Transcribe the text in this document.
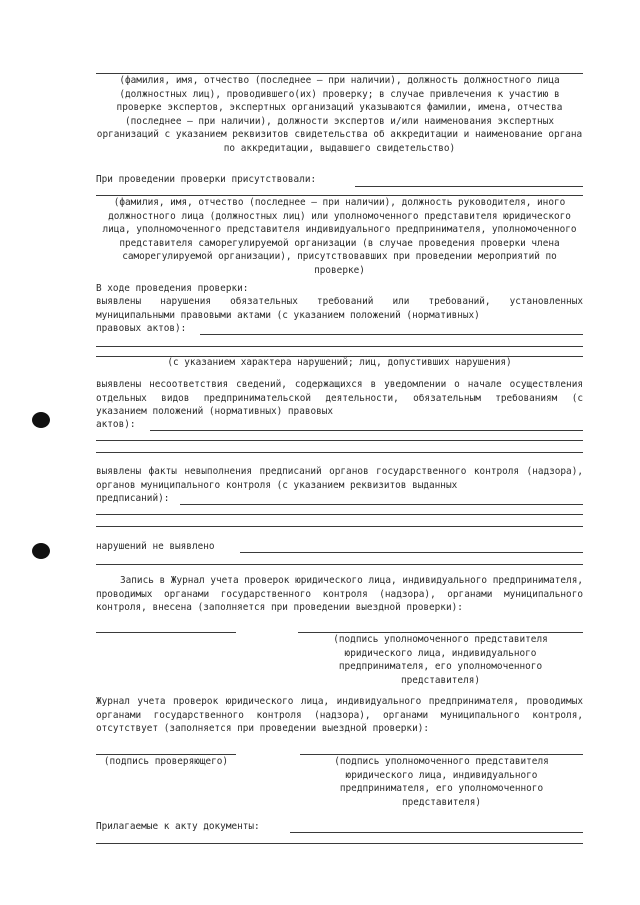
(фамилия, имя, отчество (последнее – при наличии), должность должностного лица (должностных лиц), проводившего(их) проверку; в случае привлечения к участию в проверке экспертов, экспертных организаций указываются фамилии, имена, отчества (последнее – при наличии), должности экспертов и/или наименования экспертных организаций с указанием реквизитов свидетельства об аккредитации и наименование органа по аккредитации, выдавшего свидетельство)
При проведении проверки присутствовали:
(фамилия, имя, отчество (последнее – при наличии), должность руководителя, иного должностного лица (должностных лиц) или уполномоченного представителя юридического лица, уполномоченного представителя индивидуального предпринимателя, уполномоченного представителя саморегулируемой организации (в случае проведения проверки члена саморегулируемой организации), присутствовавших при проведении мероприятий по проверке)
В ходе проведения проверки:
выявлены нарушения обязательных требований или требований, установленных муниципальными правовыми актами (с указанием положений (нормативных)
правовых актов):
(с указанием характера нарушений; лиц, допустивших нарушения)
выявлены несоответствия сведений, содержащихся в уведомлении о начале осуществления отдельных видов предпринимательской деятельности, обязательным требованиям (с указанием положений (нормативных) правовых
актов):
выявлены факты невыполнения предписаний органов государственного контроля (надзора), органов муниципального контроля (с указанием реквизитов выданных
предписаний):
нарушений не выявлено
Запись в Журнал учета проверок юридического лица, индивидуального предпринимателя, проводимых органами государственного контроля (надзора), органами муниципального контроля, внесена (заполняется при проведении выездной проверки):
(подпись уполномоченного представителя юридического лица, индивидуального предпринимателя, его уполномоченного представителя)
Журнал учета проверок юридического лица, индивидуального предпринимателя, проводимых органами государственного контроля (надзора), органами муниципального контроля, отсутствует (заполняется при проведении выездной проверки):
(подпись проверяющего)	(подпись уполномоченного представителя юридического лица, индивидуального предпринимателя, его уполномоченного представителя)
Прилагаемые к акту документы:
